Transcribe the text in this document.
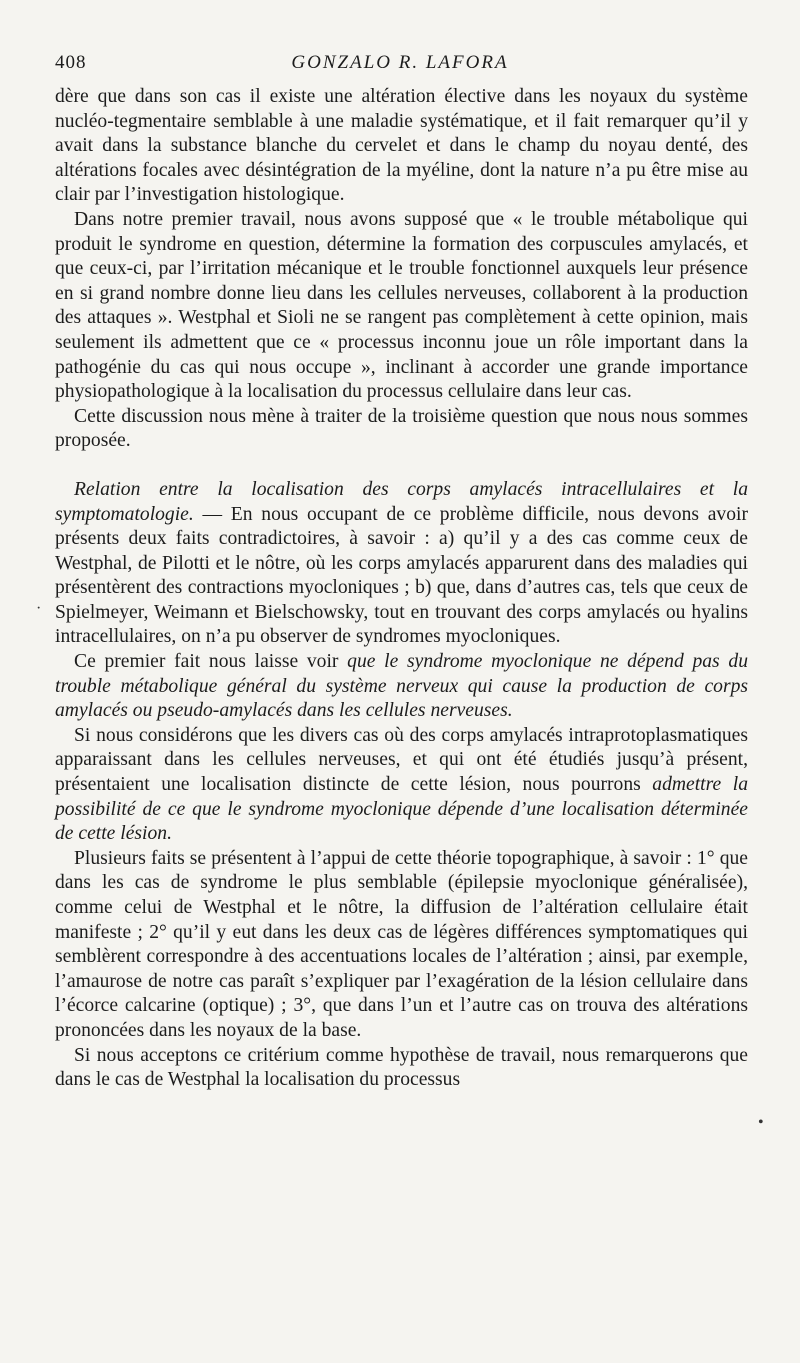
408	GONZALO R. LAFORA

dère que dans son cas il existe une altération élective dans les noyaux du système nucléo-tegmentaire semblable à une maladie systématique, et il fait remarquer qu’il y avait dans la substance blanche du cervelet et dans le champ du noyau denté, des altérations focales avec désintégration de la myéline, dont la nature n’a pu être mise au clair par l’investigation histologique.

Dans notre premier travail, nous avons supposé que « le trouble métabolique qui produit le syndrome en question, détermine la formation des corpuscules amylacés, et que ceux-ci, par l’irritation mécanique et le trouble fonctionnel auxquels leur présence en si grand nombre donne lieu dans les cellules nerveuses, collaborent à la production des attaques ». Westphal et Sioli ne se rangent pas complètement à cette opinion, mais seulement ils admettent que ce « processus inconnu joue un rôle important dans la pathogénie du cas qui nous occupe », inclinant à accorder une grande importance physiopathologique à la localisation du processus cellulaire dans leur cas.

Cette discussion nous mène à traiter de la troisième question que nous nous sommes proposée.

Relation entre la localisation des corps amylacés intracellulaires et la symptomatologie. — En nous occupant de ce problème difficile, nous devons avoir présents deux faits contradictoires, à savoir : a) qu’il y a des cas comme ceux de Westphal, de Pilotti et le nôtre, où les corps amylacés apparurent dans des maladies qui présentèrent des contractions myocloniques ; b) que, dans d’autres cas, tels que ceux de Spielmeyer, Weimann et Bielschowsky, tout en trouvant des corps amylacés ou hyalins intracellulaires, on n’a pu observer de syndromes myocloniques.

Ce premier fait nous laisse voir que le syndrome myoclonique ne dépend pas du trouble métabolique général du système nerveux qui cause la production de corps amylacés ou pseudo-amylacés dans les cellules nerveuses.

Si nous considérons que les divers cas où des corps amylacés intraprotoplasmatiques apparaissant dans les cellules nerveuses, et qui ont été étudiés jusqu’à présent, présentaient une localisation distincte de cette lésion, nous pourrons admettre la possibilité de ce que le syndrome myoclonique dépende d’une localisation déterminée de cette lésion.

Plusieurs faits se présentent à l’appui de cette théorie topographique, à savoir : 1° que dans les cas de syndrome le plus semblable (épilepsie myoclonique généralisée), comme celui de Westphal et le nôtre, la diffusion de l’altération cellulaire était manifeste ; 2° qu’il y eut dans les deux cas de légères différences symptomatiques qui semblèrent correspondre à des accentuations locales de l’altération ; ainsi, par exemple, l’amaurose de notre cas paraît s’expliquer par l’exagération de la lésion cellulaire dans l’écorce calcarine (optique) ; 3°, que dans l’un et l’autre cas on trouva des altérations prononcées dans les noyaux de la base.

Si nous acceptons ce critérium comme hypothèse de travail, nous remarquerons que dans le cas de Westphal la localisation du processus

·
•
